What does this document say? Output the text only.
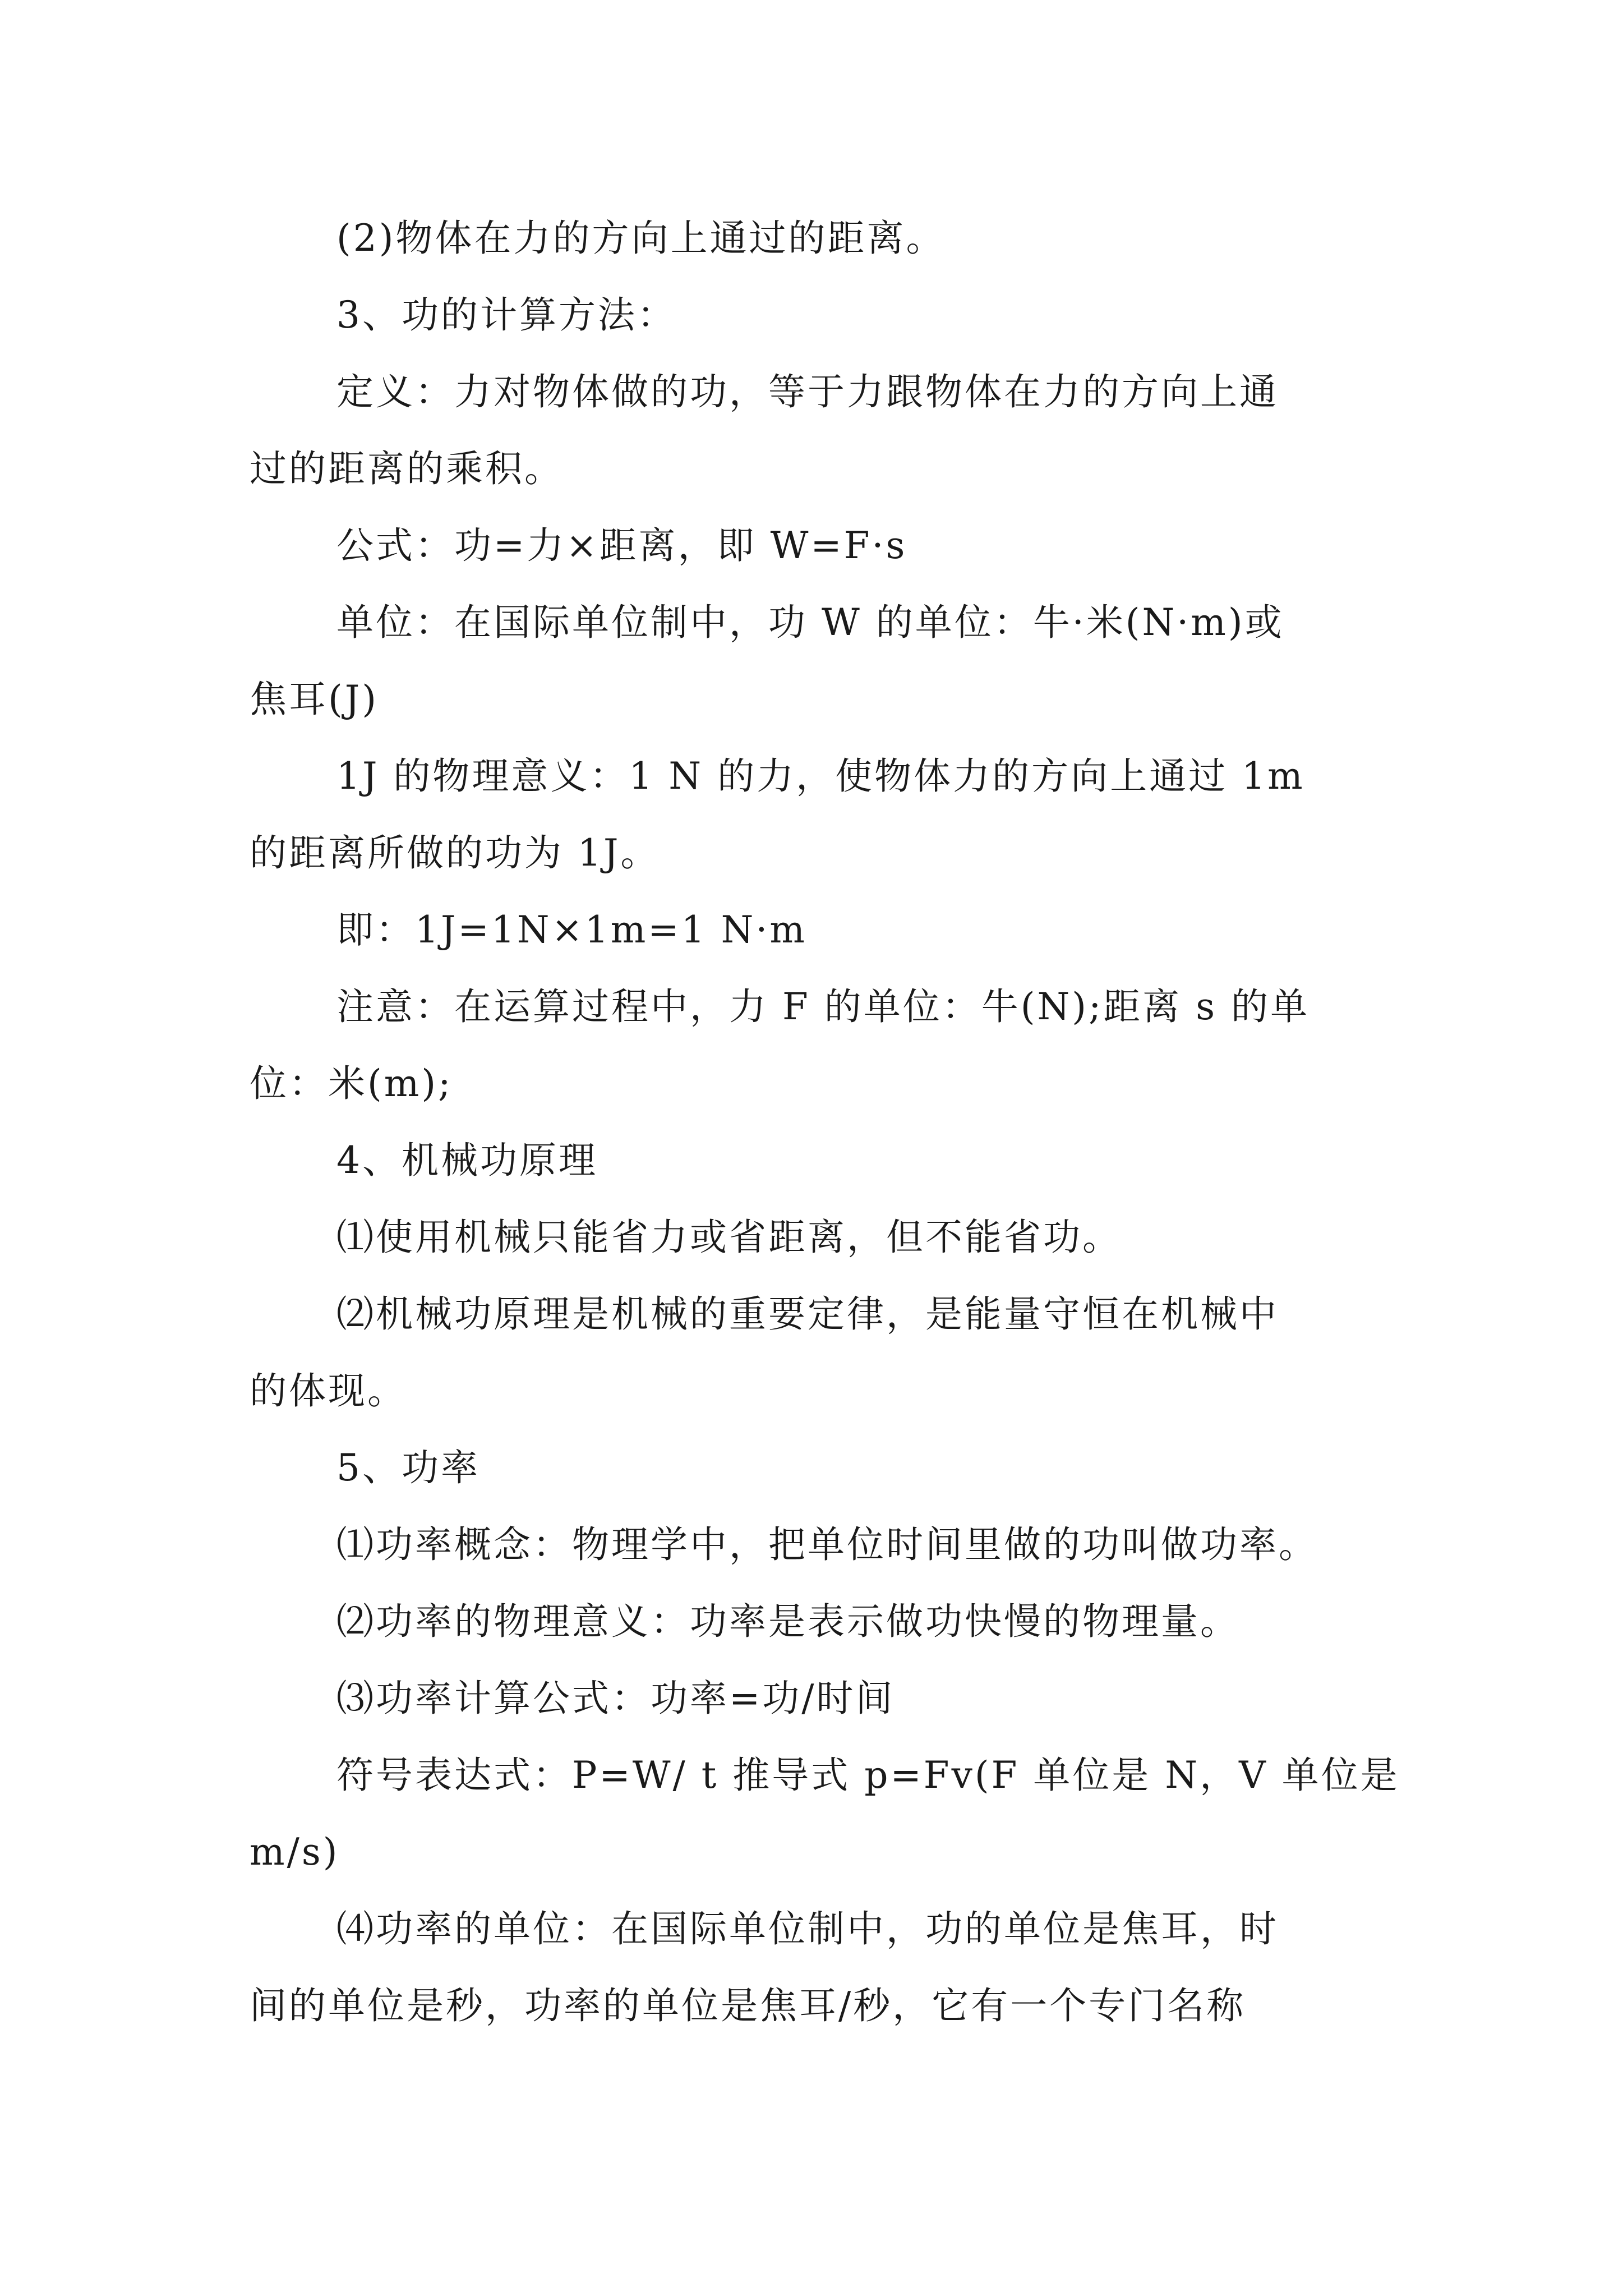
(2)物体在力的方向上通过的距离。

3、功的计算方法：

定义：力对物体做的功，等于力跟物体在力的方向上通

过的距离的乘积。

公式：功=力×距离，即 W=F·s

单位：在国际单位制中，功 W 的单位：牛·米(N·m)或

焦耳(J)

1J 的物理意义：1 N 的力，使物体力的方向上通过 1m

的距离所做的功为 1J。

即：1J=1N×1m=1 N·m

注意：在运算过程中，力 F 的单位：牛(N);距离 s 的单

位：米(m);

4、机械功原理

⑴使用机械只能省力或省距离，但不能省功。

⑵机械功原理是机械的重要定律，是能量守恒在机械中

的体现。

5、功率

⑴功率概念：物理学中，把单位时间里做的功叫做功率。

⑵功率的物理意义：功率是表示做功快慢的物理量。

⑶功率计算公式：功率=功/时间

符号表达式：P=W/ t 推导式 p=Fv(F 单位是 N，V 单位是

m/s)

⑷功率的单位：在国际单位制中，功的单位是焦耳，时

间的单位是秒，功率的单位是焦耳/秒，它有一个专门名称
